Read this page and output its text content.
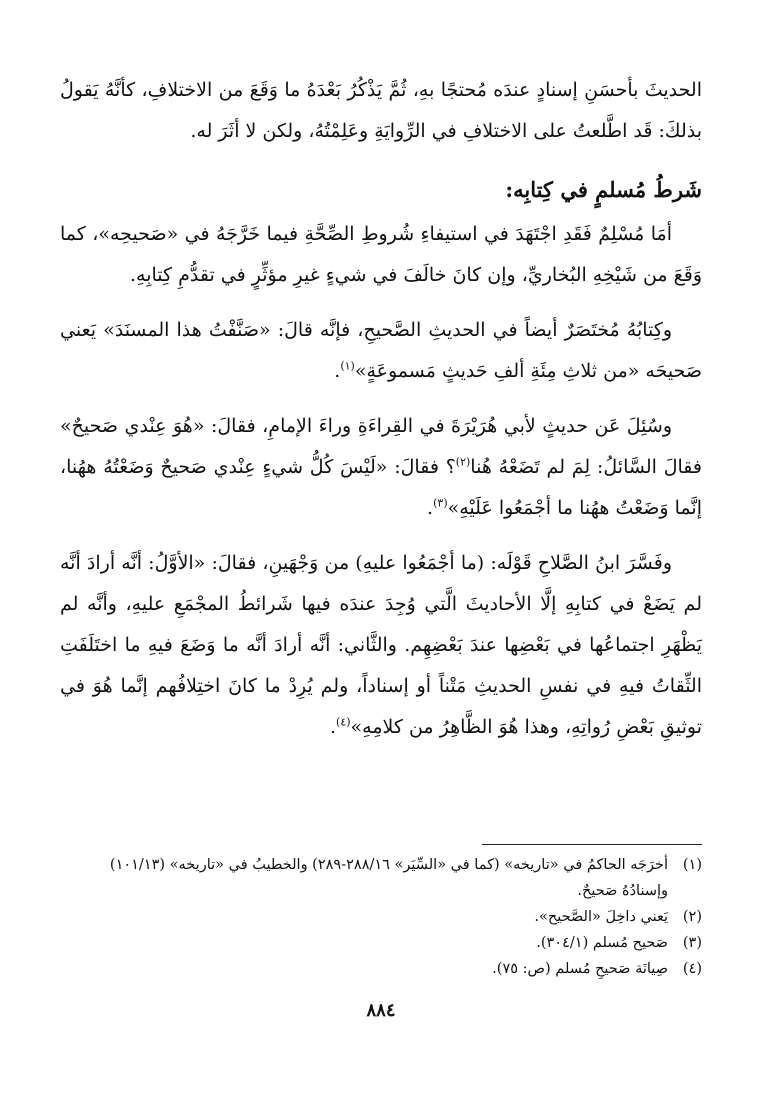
الحديثَ بأحسَنِ إسنادٍ عندَه مُحتجًا بهِ، ثُمَّ يَذْكُرُ بَعْدَهُ ما وَقَعَ من الاختلافِ، كأنَّهُ يَقولُ بذلكَ: قَد اطَّلعتُ على الاختلافِ في الرِّوايَةِ وعَلِمْتُهُ، ولكن لا أثَرَ له.

شَرطُ مُسلمٍ في كِتابِه:

أمَا مُسْلِمٌ فَقَدِ اجْتَهَدَ في استيفاءِ شُروطِ الصِّحَّةِ فيما خَرَّجَهُ في «صَحيحِه»، كما وَقَعَ من شَيْخِهِ البُخاريِّ، وإن كانَ خالَفَ في شيءٍ غيرِ مؤثِّرٍ في تقدُّمِ كِتابِهِ.

وكِتابُهُ مُختَصَرٌ أيضاً في الحديثِ الصَّحيحِ، فإنَّه قالَ: «صَنَّفْتُ هذا المسنَدَ» يَعني صَحيحَه «من ثلاثِ مِئَةِ ألفِ حَديثٍ مَسموعَةٍ»$^{(١)}$.

وسُئِلَ عَن حديثٍ لأبي هُرَيْرَةَ في القِراءَةِ وراءَ الإمامِ، فقالَ: «هُوَ عِنْدي صَحيحٌ» فقالَ السَّائلُ: لِمَ لم تَضَعْهُ هُنا$^{(٢)}$؟ فقالَ: «لَيْسَ كُلُّ شيءٍ عِنْدي صَحيحٌ وَضَعْتُهُ ههُنا، إنَّما وَضَعْتُ ههُنا ما أجْمَعُوا عَلَيْهِ»$^{(٣)}$.

وفَسَّرَ ابنُ الصَّلاحِ قَوْلَه: (ما أجْمَعُوا عليهِ) من وَجْهَينِ، فقالَ: «الأوَّلُ: أنَّه أرادَ أنَّه لم يَضَعْ في كتابِهِ إلَّا الأحاديثَ الَّتي وُجِدَ عندَه فيها شَرائطُ المجْمَعِ عليهِ، وأنَّه لم يَظْهَرِ اجتماعُها في بَعْضِها عندَ بَعْضِهِم. والثَّاني: أنَّه أرادَ أنَّه ما وَضَعَ فيهِ ما اختَلَفَتِ الثِّقاتُ فيهِ في نفسِ الحديثِ مَتْناً أو إسناداً، ولم يُرِدْ ما كانَ اختِلافُهم إنَّما هُوَ في توثيقِ بَعْضِ رُواتِهِ، وهذا هُوَ الظَّاهِرُ من كلامِهِ»$^{(٤)}$.

(١)
أخرَجَه الحاكمُ في «تاريخه» (كما في «السِّيَر» ٢٨٨/١٦-٢٨٩) والخطيبُ في «تاريخه» (١٠١/١٣) وإسنادُهُ صَحيحٌ.
(٢)
يَعني داخِلَ «الصَّحيح».
(٣)
صَحيح مُسلم (٣٠٤/١).
(٤)
صِيانَة صَحيحِ مُسلم (ص: ٧٥).
٨٨٤
